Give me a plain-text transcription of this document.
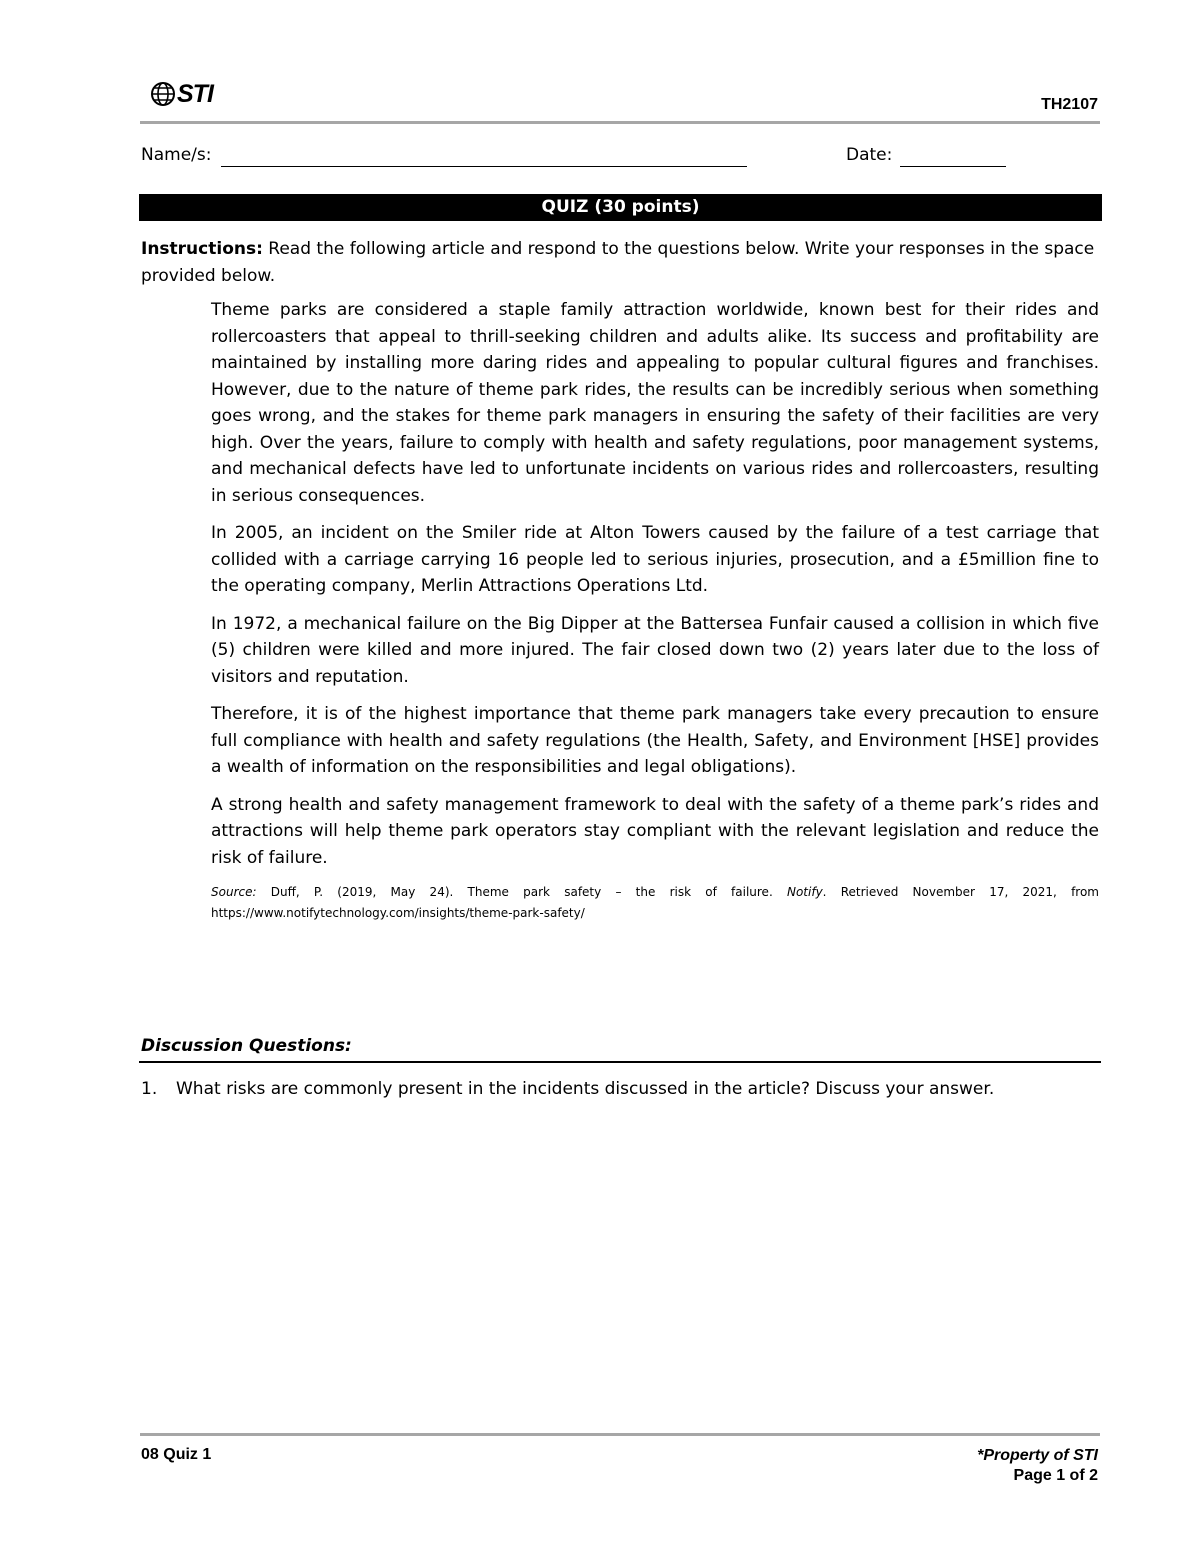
STI	TH2107
Name/s:	Date:
QUIZ (30 points)
Instructions: Read the following article and respond to the questions below. Write your responses in the space provided below.

Theme parks are considered a staple family attraction worldwide, known best for their rides and rollercoasters that appeal to thrill-seeking children and adults alike. Its success and profitability are maintained by installing more daring rides and appealing to popular cultural figures and franchises. However, due to the nature of theme park rides, the results can be incredibly serious when something goes wrong, and the stakes for theme park managers in ensuring the safety of their facilities are very high. Over the years, failure to comply with health and safety regulations, poor management systems, and mechanical defects have led to unfortunate incidents on various rides and rollercoasters, resulting in serious consequences.

In 2005, an incident on the Smiler ride at Alton Towers caused by the failure of a test carriage that collided with a carriage carrying 16 people led to serious injuries, prosecution, and a £5million fine to the operating company, Merlin Attractions Operations Ltd.

In 1972, a mechanical failure on the Big Dipper at the Battersea Funfair caused a collision in which five (5) children were killed and more injured. The fair closed down two (2) years later due to the loss of visitors and reputation.

Therefore, it is of the highest importance that theme park managers take every precaution to ensure full compliance with health and safety regulations (the Health, Safety, and Environment [HSE] provides a wealth of information on the responsibilities and legal obligations).

A strong health and safety management framework to deal with the safety of a theme park’s rides and attractions will help theme park operators stay compliant with the relevant legislation and reduce the risk of failure.

Source: Duff, P. (2019, May 24). Theme park safety – the risk of failure. Notify. Retrieved November 17, 2021, from https://www.notifytechnology.com/insights/theme-park-safety/

Discussion Questions:
1.	What risks are commonly present in the incidents discussed in the article? Discuss your answer.
08 Quiz 1	*Property of STI
Page 1 of 2
